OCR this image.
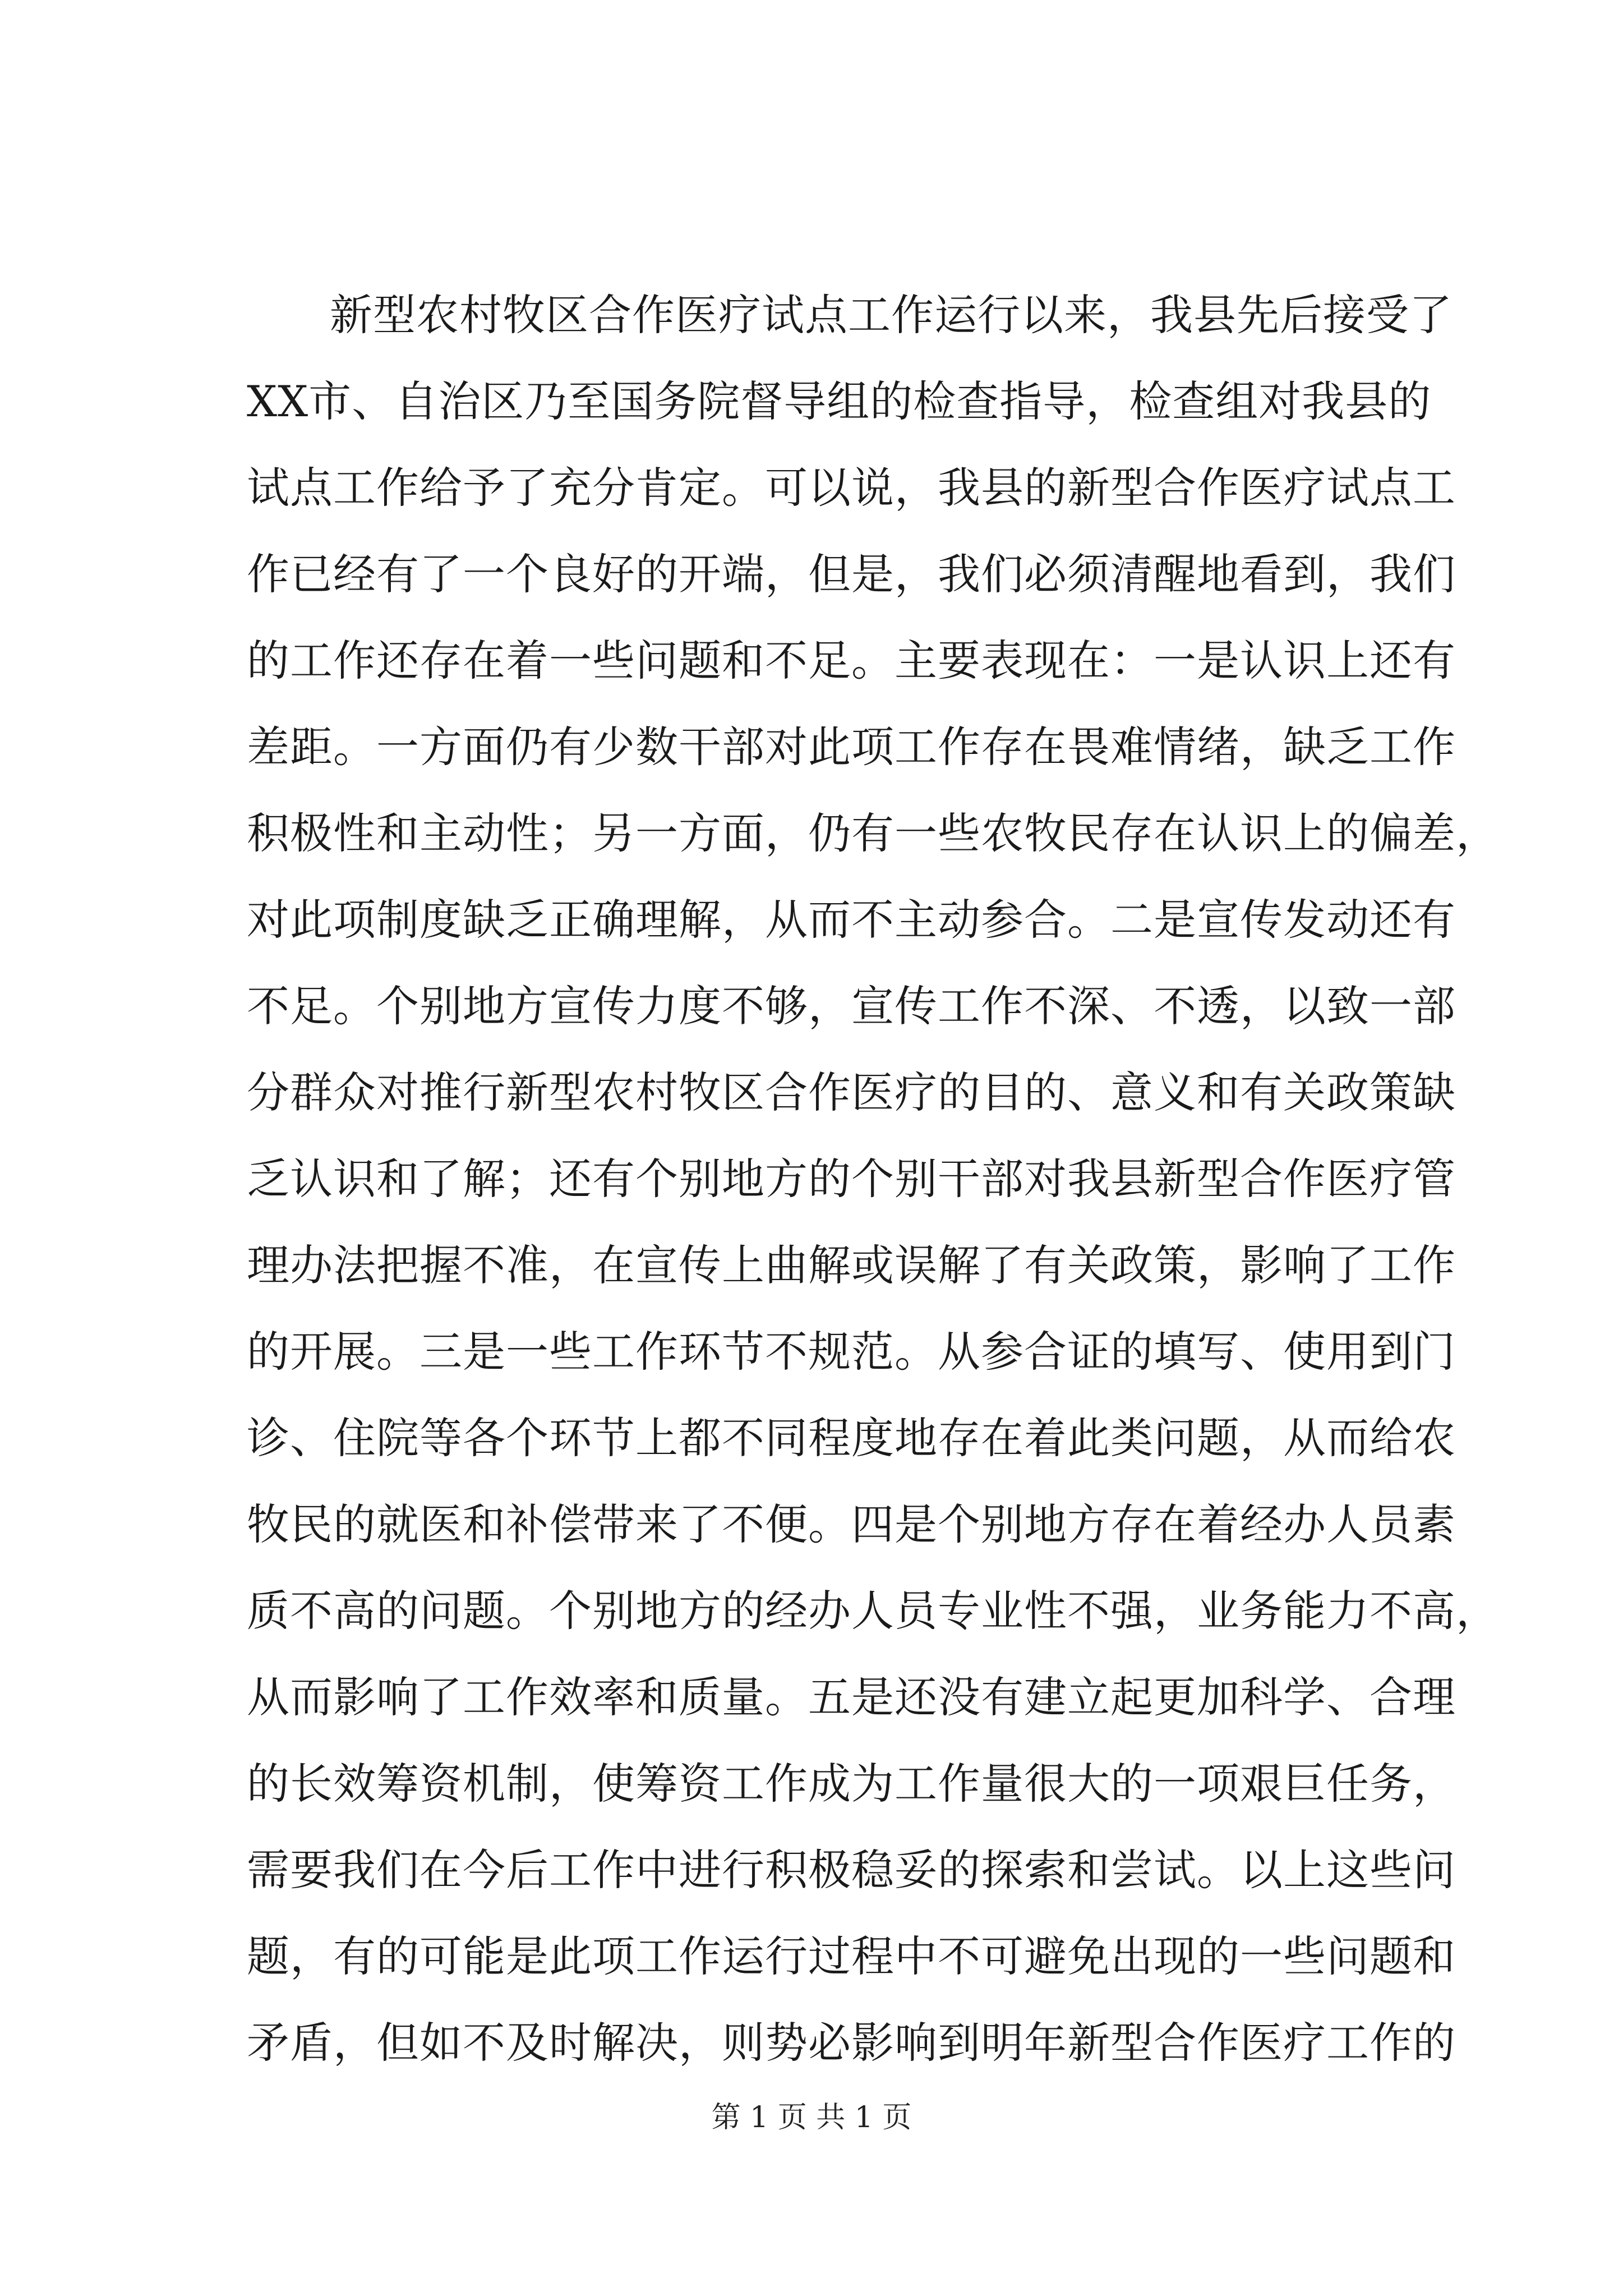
新型农村牧区合作医疗试点工作运行以来，我县先后接受了
XX市、自治区乃至国务院督导组的检查指导，检查组对我县的
试点工作给予了充分肯定。可以说，我县的新型合作医疗试点工
作已经有了一个良好的开端，但是，我们必须清醒地看到，我们
的工作还存在着一些问题和不足。主要表现在：一是认识上还有
差距。一方面仍有少数干部对此项工作存在畏难情绪，缺乏工作
积极性和主动性；另一方面，仍有一些农牧民存在认识上的偏差，
对此项制度缺乏正确理解，从而不主动参合。二是宣传发动还有
不足。个别地方宣传力度不够，宣传工作不深、不透，以致一部
分群众对推行新型农村牧区合作医疗的目的、意义和有关政策缺
乏认识和了解；还有个别地方的个别干部对我县新型合作医疗管
理办法把握不准，在宣传上曲解或误解了有关政策，影响了工作
的开展。三是一些工作环节不规范。从参合证的填写、使用到门
诊、住院等各个环节上都不同程度地存在着此类问题，从而给农
牧民的就医和补偿带来了不便。四是个别地方存在着经办人员素
质不高的问题。个别地方的经办人员专业性不强，业务能力不高，
从而影响了工作效率和质量。五是还没有建立起更加科学、合理
的长效筹资机制，使筹资工作成为工作量很大的一项艰巨任务，
需要我们在今后工作中进行积极稳妥的探索和尝试。以上这些问
题，有的可能是此项工作运行过程中不可避免出现的一些问题和
矛盾，但如不及时解决，则势必影响到明年新型合作医疗工作的
第 1 页 共 1 页
